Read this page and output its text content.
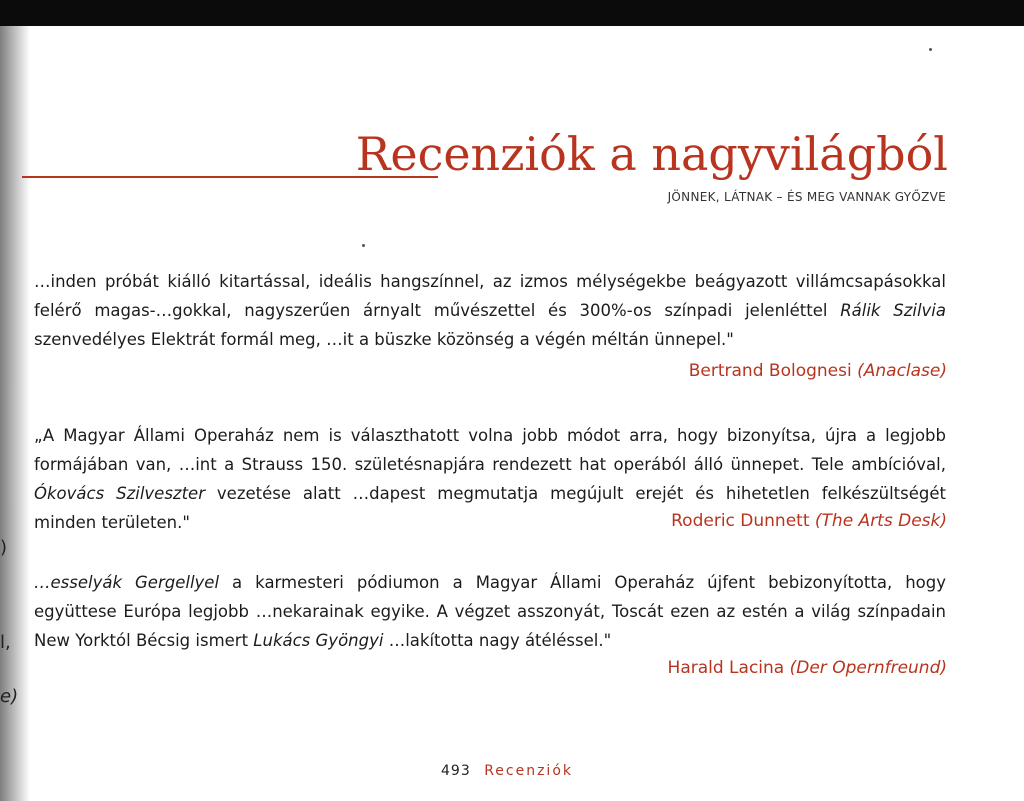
Recenziók a nagyvilágból
JÖNNEK, LÁTNAK – ÉS MEG VANNAK GYŐZVE

…inden próbát kiálló kitartással, ideális hangszínnel, az izmos mélységekbe beágyazott villámcsapásokkal felérő magas-…gokkal, nagyszerűen árnyalt művészettel és 300%-os színpadi jelenléttel Rálik Szilvia szenvedélyes Elektrát formál meg, …it a büszke közönség a végén méltán ünnepel."

Bertrand Bolognesi (Anaclase)

„A Magyar Állami Operaház nem is választhatott volna jobb módot arra, hogy bizonyítsa, újra a legjobb formájában van, …int a Strauss 150. születésnapjára rendezett hat operából álló ünnepet. Tele ambícióval, Ókovács Szilveszter vezetése alatt …dapest megmutatja megújult erejét és hihetetlen felkészültségét minden területen."	Roderic Dunnett (The Arts Desk)

…esselyák Gergellyel a karmesteri pódiumon a Magyar Állami Operaház újfent bebizonyította, hogy együttese Európa legjobb …nekarainak egyike. A végzet asszonyát, Toscát ezen az estén a világ színpadain New Yorktól Bécsig ismert Lukács Gyöngyi …lakította nagy átéléssel."

Harald Lacina (Der Opernfreund)
493 Recenziók
)
l,
e)
